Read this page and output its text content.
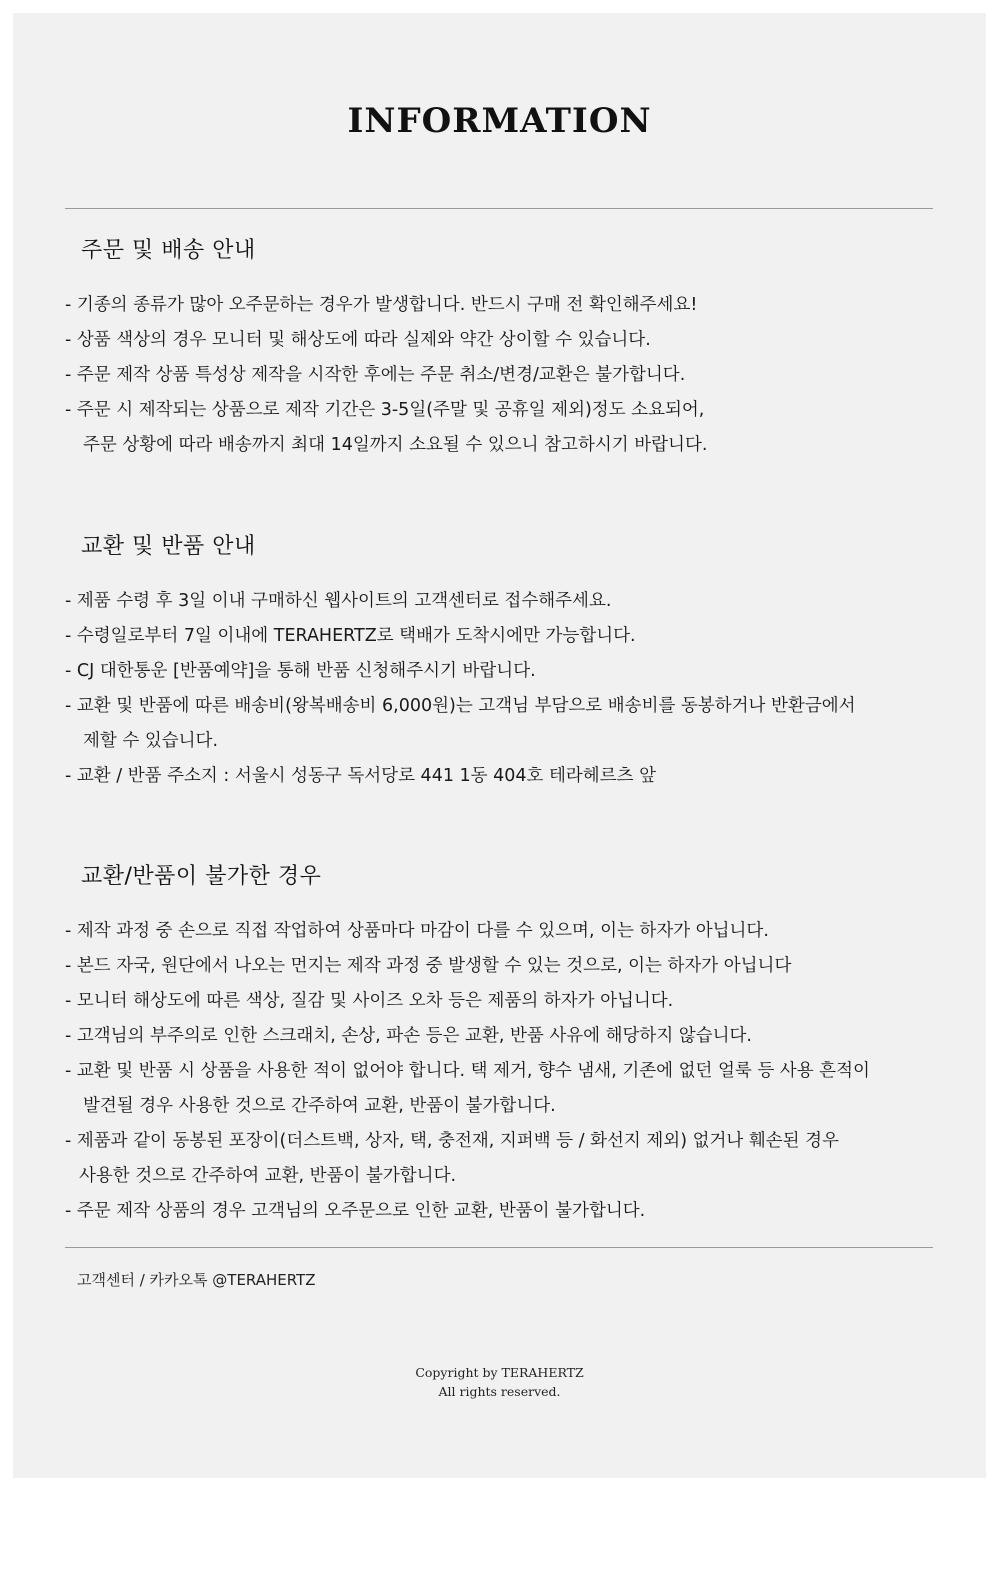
INFORMATION
주문 및 배송 안내
- 기종의 종류가 많아 오주문하는 경우가 발생합니다. 반드시 구매 전 확인해주세요!
- 상품 색상의 경우 모니터 및 해상도에 따라 실제와 약간 상이할 수 있습니다.
- 주문 제작 상품 특성상 제작을 시작한 후에는 주문 취소/변경/교환은 불가합니다.
- 주문 시 제작되는 상품으로 제작 기간은 3-5일(주말 및 공휴일 제외)정도 소요되어,
주문 상황에 따라 배송까지 최대 14일까지 소요될 수 있으니 참고하시기 바랍니다.
교환 및 반품 안내
- 제품 수령 후 3일 이내 구매하신 웹사이트의 고객센터로 접수해주세요.
- 수령일로부터 7일 이내에 TERAHERTZ로 택배가 도착시에만 가능합니다.
- CJ 대한통운 [반품예약]을 통해 반품 신청해주시기 바랍니다.
- 교환 및 반품에 따른 배송비(왕복배송비 6,000원)는 고객님 부담으로 배송비를 동봉하거나 반환금에서
제할 수 있습니다.
- 교환 / 반품 주소지 : 서울시 성동구 독서당로 441 1동 404호 테라헤르츠 앞
교환/반품이 불가한 경우
- 제작 과정 중 손으로 직접 작업하여 상품마다 마감이 다를 수 있으며, 이는 하자가 아닙니다.
- 본드 자국, 원단에서 나오는 먼지는 제작 과정 중 발생할 수 있는 것으로, 이는 하자가 아닙니다
- 모니터 해상도에 따른 색상, 질감 및 사이즈 오차 등은 제품의 하자가 아닙니다.
- 고객님의 부주의로 인한 스크래치, 손상, 파손 등은 교환, 반품 사유에 해당하지 않습니다.
- 교환 및 반품 시 상품을 사용한 적이 없어야 합니다. 택 제거, 향수 냄새, 기존에 없던 얼룩 등 사용 흔적이
발견될 경우 사용한 것으로 간주하여 교환, 반품이 불가합니다.
- 제품과 같이 동봉된 포장이(더스트백, 상자, 택, 충전재, 지퍼백 등 / 화선지 제외) 없거나 훼손된 경우
사용한 것으로 간주하여 교환, 반품이 불가합니다.
- 주문 제작 상품의 경우 고객님의 오주문으로 인한 교환, 반품이 불가합니다.
고객센터 / 카카오톡 @TERAHERTZ
Copyright by TERAHERTZ
All rights reserved.
